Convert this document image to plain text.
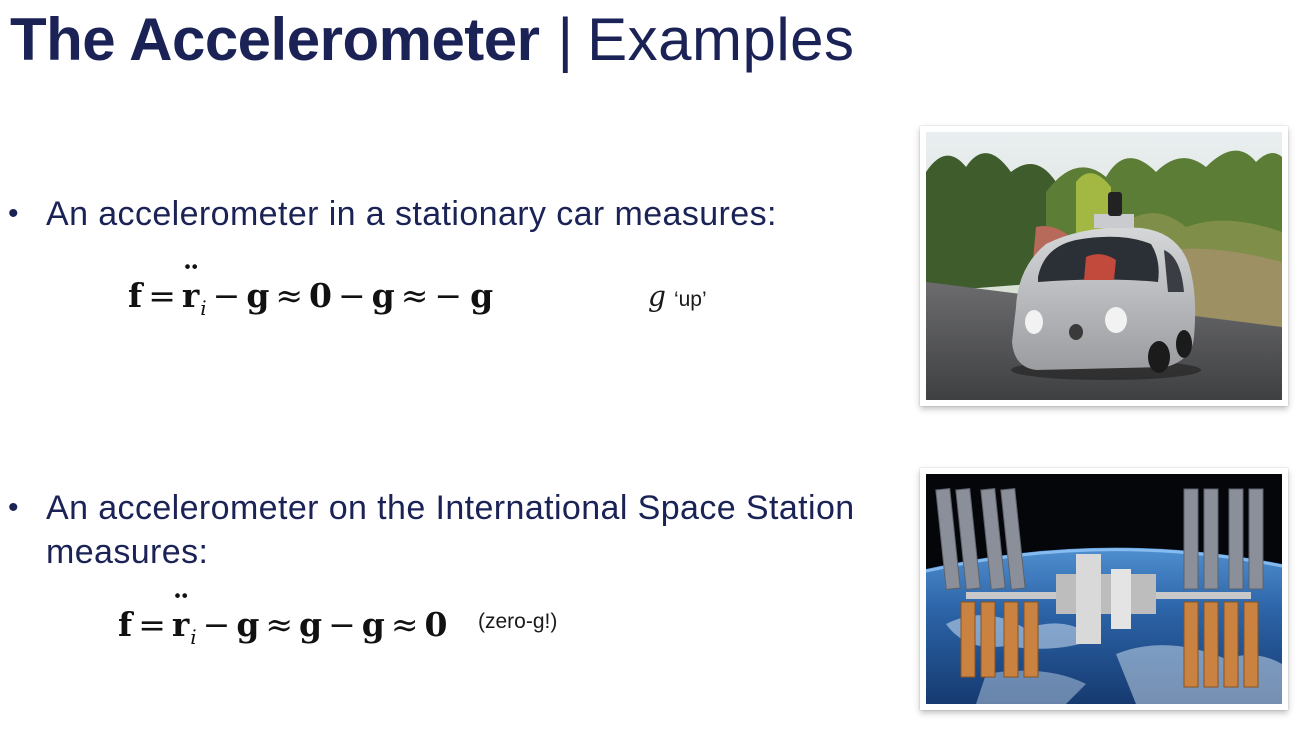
The Accelerometer | Examples
• An accelerometer in a stationary car measures:
f = ¨ $r_i - g \approx 0 - g$ ≈ − g	g ‘up’
• An accelerometer on the International Space Station measures:
f = ¨ $r_i - g \approx g - g \approx 0$ (zero-g!)
